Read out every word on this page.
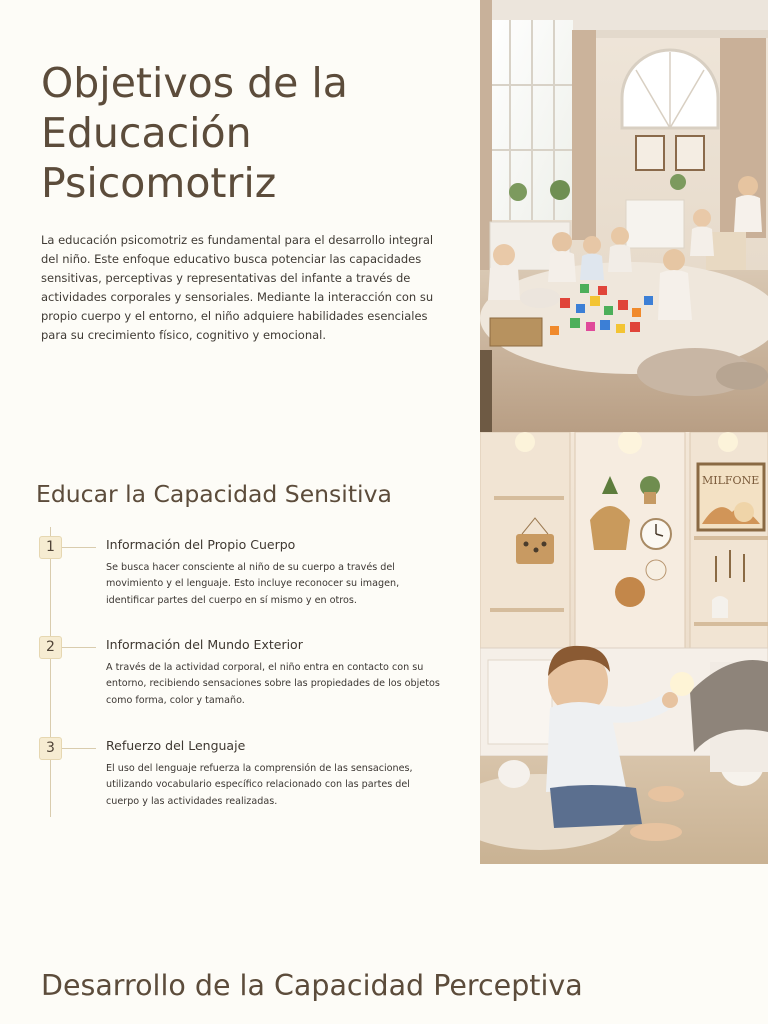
Objetivos de la Educación Psicomotriz

La educación psicomotriz es fundamental para el desarrollo integral del niño. Este enfoque educativo busca potenciar las capacidades sensitivas, perceptivas y representativas del infante a través de actividades corporales y sensoriales. Mediante la interacción con su propio cuerpo y el entorno, el niño adquiere habilidades esenciales para su crecimiento físico, cognitivo y emocional.

Educar la Capacidad Sensitiva
1	Información del Propio Cuerpo

Se busca hacer consciente al niño de su cuerpo a través del movimiento y el lenguaje. Esto incluye reconocer su imagen, identificar partes del cuerpo en sí mismo y en otros.

2	Información del Mundo Exterior

A través de la actividad corporal, el niño entra en contacto con su entorno, recibiendo sensaciones sobre las propiedades de los objetos como forma, color y tamaño.

3	Refuerzo del Lenguaje

El uso del lenguaje refuerza la comprensión de las sensaciones, utilizando vocabulario específico relacionado con las partes del cuerpo y las actividades realizadas.

Desarrollo de la Capacidad Perceptiva
MILFONE
